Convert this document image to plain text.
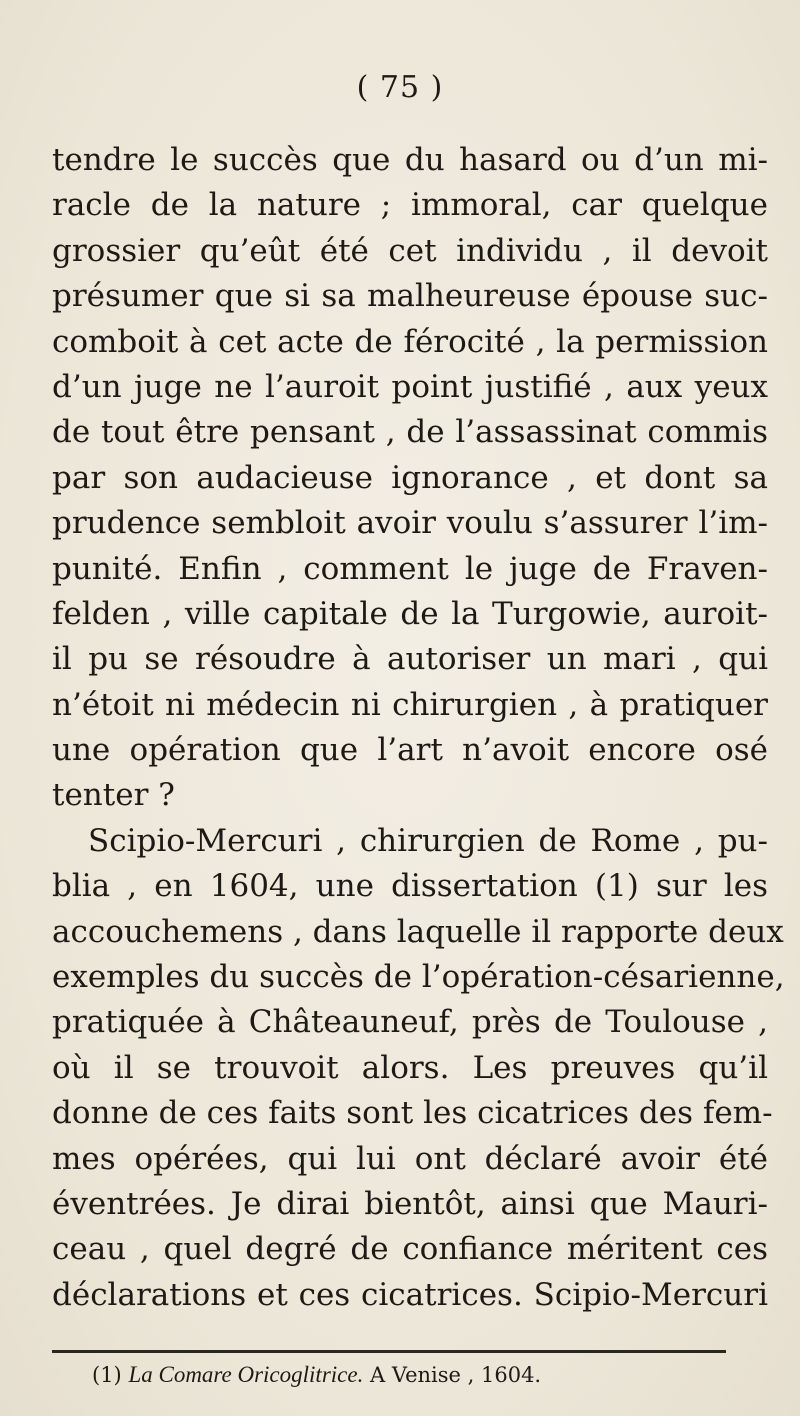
( 75 )
tendre le succès que du hasard ou d’un mi-
racle de la nature ; immoral, car quelque
grossier qu’eût été cet individu , il devoit
présumer que si sa malheureuse épouse suc-
comboit à cet acte de férocité , la permission
d’un juge ne l’auroit point justifié , aux yeux
de tout être pensant , de l’assassinat commis
par son audacieuse ignorance , et dont sa
prudence sembloit avoir voulu s’assurer l’im-
punité. Enfin , comment le juge de Fraven-
felden , ville capitale de la Turgowie, auroit-
il pu se résoudre à autoriser un mari , qui
n’étoit ni médecin ni chirurgien , à pratiquer
une opération que l’art n’avoit encore osé
tenter ?
Scipio-Mercuri , chirurgien de Rome , pu-
blia , en 1604, une dissertation (1) sur les
accouchemens , dans laquelle il rapporte deux
exemples du succès de l’opération-césarienne,
pratiquée à Châteauneuf, près de Toulouse ,
où il se trouvoit alors. Les preuves qu’il
donne de ces faits sont les cicatrices des fem-
mes opérées, qui lui ont déclaré avoir été
éventrées. Je dirai bientôt, ainsi que Mauri-
ceau , quel degré de confiance méritent ces
déclarations et ces cicatrices. Scipio-Mercuri
(1) La Comare Oricoglitrice. A Venise , 1604.
